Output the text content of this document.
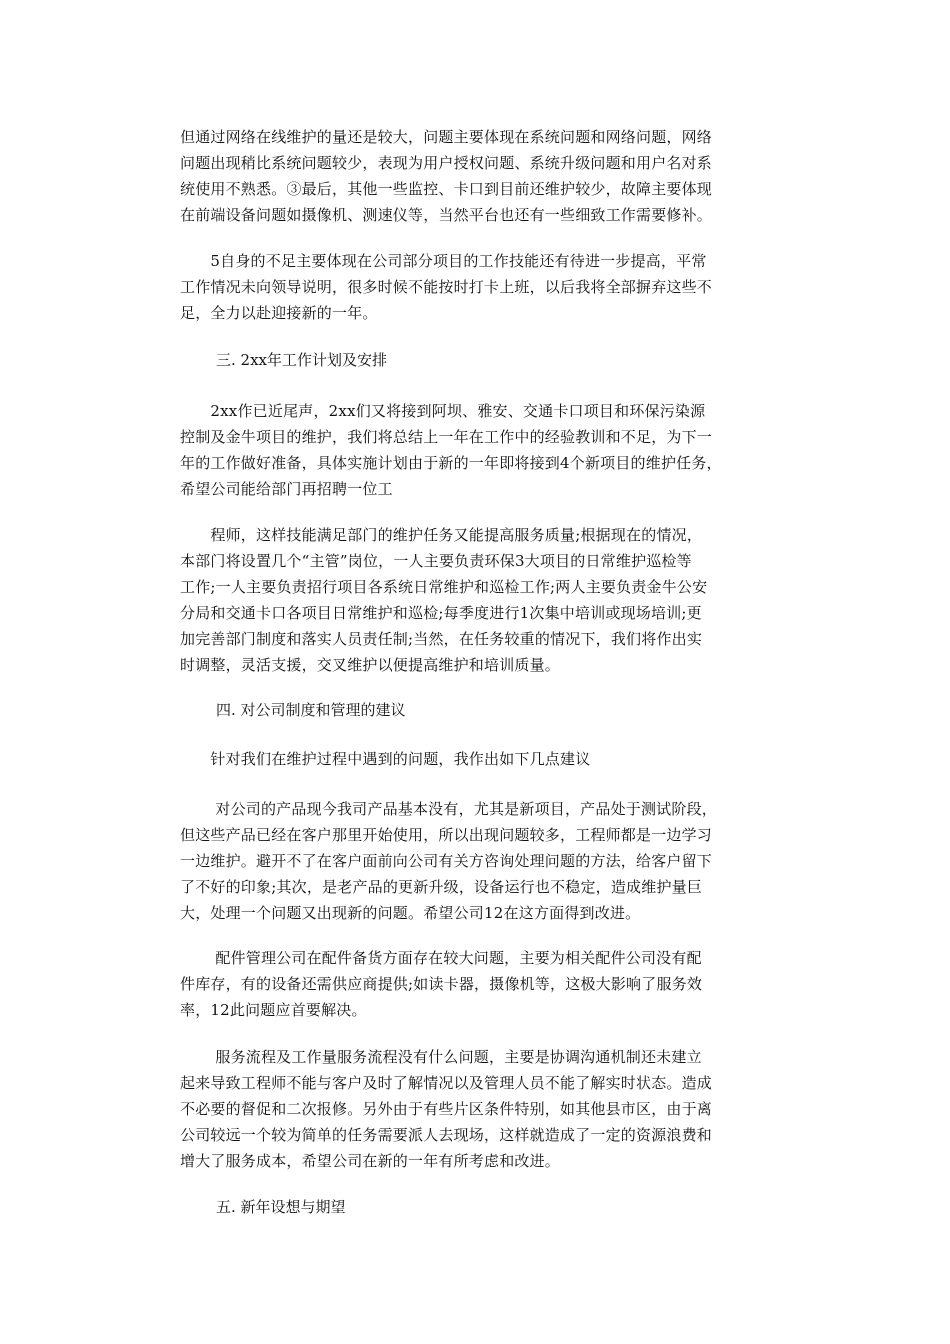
但通过网络在线维护的量还是较大，问题主要体现在系统问题和网络问题，网络
问题出现稍比系统问题较少，表现为用户授权问题、系统升级问题和用户名对系
统使用不熟悉。③最后，其他一些监控、卡口到目前还维护较少，故障主要体现
在前端设备问题如摄像机、测速仪等，当然平台也还有一些细致工作需要修补。
　　5自身的不足主要体现在公司部分项目的工作技能还有待进一步提高，平常
工作情况未向领导说明，很多时候不能按时打卡上班，以后我将全部摒弃这些不
足，全力以赴迎接新的一年。
三. 2xx年工作计划及安排
　　2xx作已近尾声，2xx们又将接到阿坝、雅安、交通卡口项目和环保污染源
控制及金牛项目的维护，我们将总结上一年在工作中的经验教训和不足，为下一
年的工作做好准备，具体实施计划由于新的一年即将接到4个新项目的维护任务，
希望公司能给部门再招聘一位工
　　程师，这样技能满足部门的维护任务又能提高服务质量;根据现在的情况，
本部门将设置几个“主管”岗位，一人主要负责环保3大项目的日常维护巡检等
工作;一人主要负责招行项目各系统日常维护和巡检工作;两人主要负责金牛公安
分局和交通卡口各项目日常维护和巡检;每季度进行1次集中培训或现场培训;更
加完善部门制度和落实人员责任制;当然，在任务较重的情况下，我们将作出实
时调整，灵活支援，交叉维护以便提高维护和培训质量。
四. 对公司制度和管理的建议
　　针对我们在维护过程中遇到的问题，我作出如下几点建议
　　 对公司的产品现今我司产品基本没有，尤其是新项目，产品处于测试阶段，
但这些产品已经在客户那里开始使用，所以出现问题较多，工程师都是一边学习
一边维护。避开不了在客户面前向公司有关方咨询处理问题的方法，给客户留下
了不好的印象;其次，是老产品的更新升级，设备运行也不稳定，造成维护量巨
大，处理一个问题又出现新的问题。希望公司12在这方面得到改进。
　　 配件管理公司在配件备货方面存在较大问题，主要为相关配件公司没有配
件库存，有的设备还需供应商提供;如读卡器，摄像机等，这极大影响了服务效
率，12此问题应首要解决。
　　 服务流程及工作量服务流程没有什么问题，主要是协调沟通机制还未建立
起来导致工程师不能与客户及时了解情况以及管理人员不能了解实时状态。造成
不必要的督促和二次报修。另外由于有些片区条件特别，如其他县市区，由于离
公司较远一个较为简单的任务需要派人去现场，这样就造成了一定的资源浪费和
增大了服务成本，希望公司在新的一年有所考虑和改进。
五. 新年设想与期望
